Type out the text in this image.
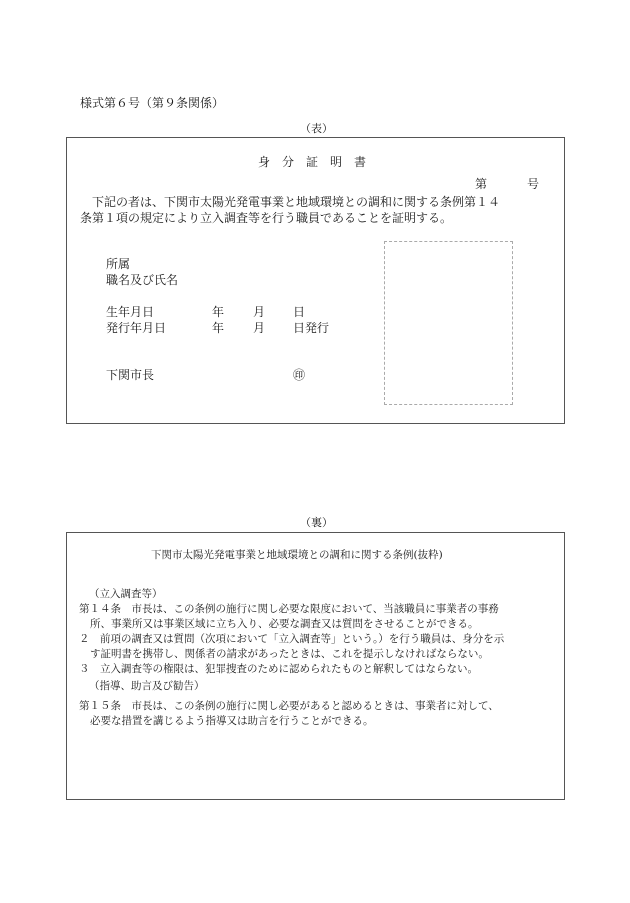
様式第６号（第９条関係）
（表）
身　分　証　明　書
第	号
下記の者は、下関市太陽光発電事業と地域環境との調和に関する条例第１４
条第１項の規定により立入調査等を行う職員であることを証明する。
所属
職名及び氏名
生年月日	年 月 日
発行年月日	年 月 日発行
下関市長	㊞
（裏）
下関市太陽光発電事業と地域環境との調和に関する条例(抜粋)
（立入調査等）
第１４条　市長は、この条例の施行に関し必要な限度において、当該職員に事業者の事務
所、事業所又は事業区域に立ち入り、必要な調査又は質問をさせることができる。
２　前項の調査又は質問（次項において「立入調査等」という。）を行う職員は、身分を示
す証明書を携帯し、関係者の請求があったときは、これを提示しなければならない。
３　立入調査等の権限は、犯罪捜査のために認められたものと解釈してはならない。
（指導、助言及び勧告）
第１５条　市長は、この条例の施行に関し必要があると認めるときは、事業者に対して、
必要な措置を講じるよう指導又は助言を行うことができる。
